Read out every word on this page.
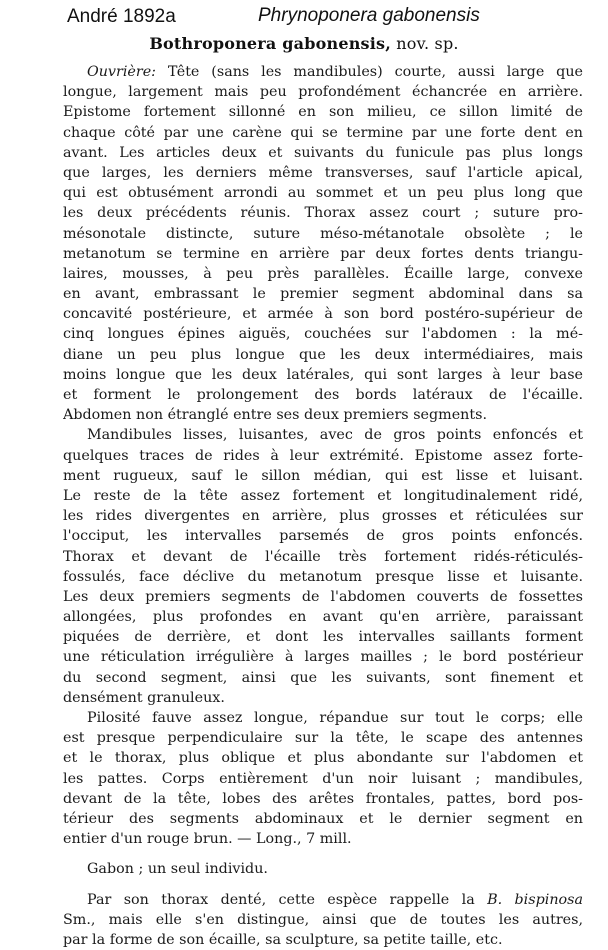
André 1892a	Phrynoponera gabonensis
Bothroponera gabonensis, nov. sp.
Ouvrière: Tête (sans les mandibules) courte, aussi large que
longue, largement mais peu profondément échancrée en arrière.
Epistome fortement sillonné en son milieu, ce sillon limité de
chaque côté par une carène qui se termine par une forte dent en
avant. Les articles deux et suivants du funicule pas plus longs
que larges, les derniers même transverses, sauf l'article apical,
qui est obtusément arrondi au sommet et un peu plus long que
les deux précédents réunis. Thorax assez court ; suture pro-
mésonotale distincte, suture méso-métanotale obsolète ; le
metanotum se termine en arrière par deux fortes dents triangu-
laires, mousses, à peu près parallèles. Écaille large, convexe
en avant, embrassant le premier segment abdominal dans sa
concavité postérieure, et armée à son bord postéro-supérieur de
cinq longues épines aiguës, couchées sur l'abdomen : la mé-
diane un peu plus longue que les deux intermédiaires, mais
moins longue que les deux latérales, qui sont larges à leur base
et forment le prolongement des bords latéraux de l'écaille.
Abdomen non étranglé entre ses deux premiers segments.
Mandibules lisses, luisantes, avec de gros points enfoncés et
quelques traces de rides à leur extrémité. Epistome assez forte-
ment rugueux, sauf le sillon médian, qui est lisse et luisant.
Le reste de la tête assez fortement et longitudinalement ridé,
les rides divergentes en arrière, plus grosses et réticulées sur
l'occiput, les intervalles parsemés de gros points enfoncés.
Thorax et devant de l'écaille très fortement ridés-réticulés-
fossulés, face déclive du metanotum presque lisse et luisante.
Les deux premiers segments de l'abdomen couverts de fossettes
allongées, plus profondes en avant qu'en arrière, paraissant
piquées de derrière, et dont les intervalles saillants forment
une réticulation irrégulière à larges mailles ; le bord postérieur
du second segment, ainsi que les suivants, sont finement et
densément granuleux.
Pilosité fauve assez longue, répandue sur tout le corps; elle
est presque perpendiculaire sur la tête, le scape des antennes
et le thorax, plus oblique et plus abondante sur l'abdomen et
les pattes. Corps entièrement d'un noir luisant ; mandibules,
devant de la tête, lobes des arêtes frontales, pattes, bord pos-
térieur des segments abdominaux et le dernier segment en
entier d'un rouge brun. — Long., 7 mill.
Gabon ; un seul individu.
Par son thorax denté, cette espèce rappelle la B. bispinosa
Sm., mais elle s'en distingue, ainsi que de toutes les autres,
par la forme de son écaille, sa sculpture, sa petite taille, etc.
